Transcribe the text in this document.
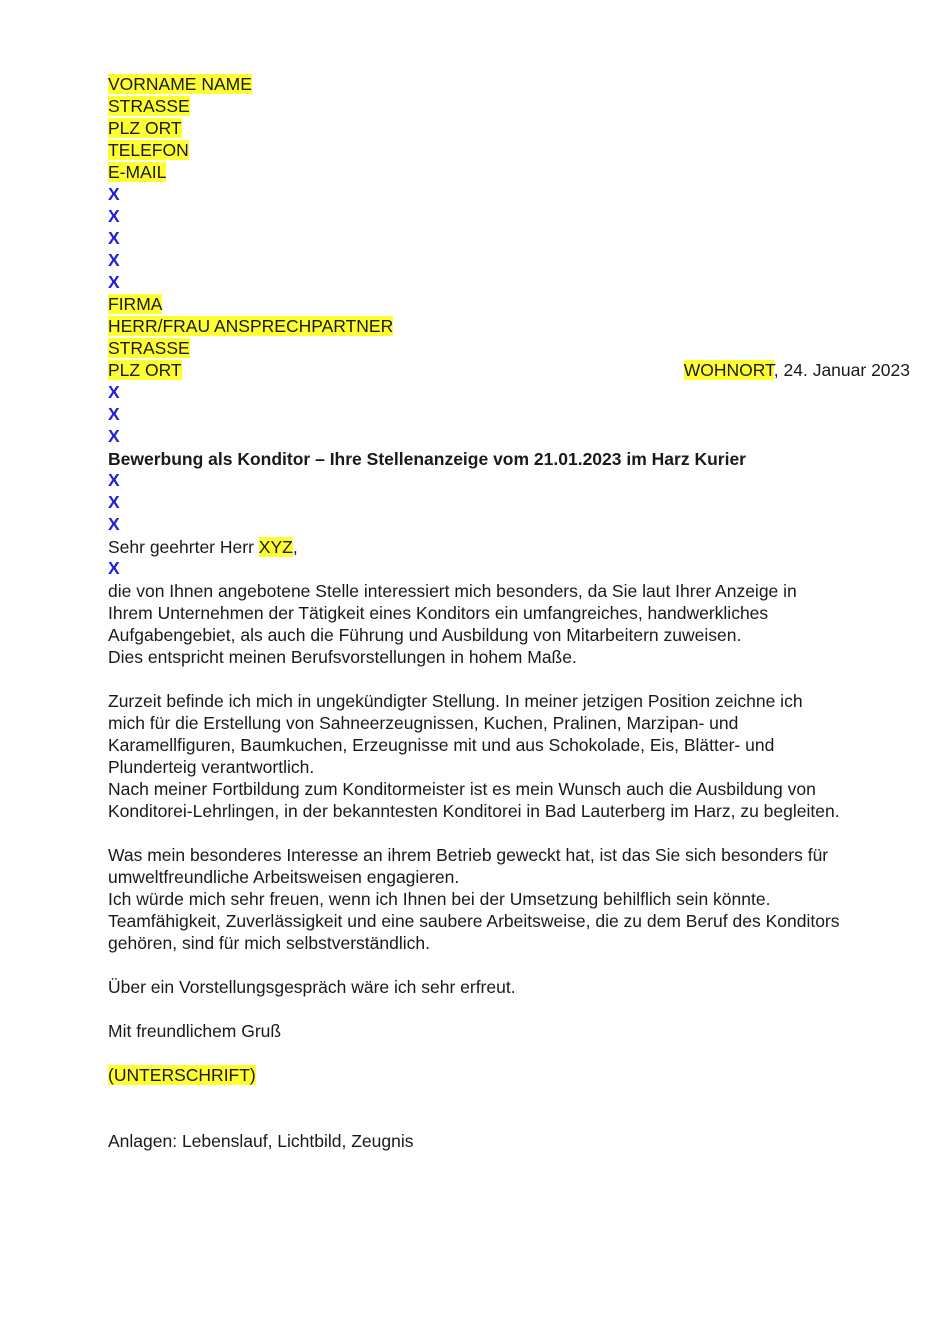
VORNAME NAME
STRASSE
PLZ ORT
TELEFON
E-MAIL
X
X
X
X
X
FIRMA
HERR/FRAU ANSPRECHPARTNER
STRASSE
PLZ ORT	WOHNORT, 24. Januar 2023
X
X
X
Bewerbung als Konditor – Ihre Stellenanzeige vom 21.01.2023 im Harz Kurier
X
X
X
Sehr geehrter Herr XYZ,
X
die von Ihnen angebotene Stelle interessiert mich besonders, da Sie laut Ihrer Anzeige in
Ihrem Unternehmen der Tätigkeit eines Konditors ein umfangreiches, handwerkliches
Aufgabengebiet, als auch die Führung und Ausbildung von Mitarbeitern zuweisen.
Dies entspricht meinen Berufsvorstellungen in hohem Maße.
Zurzeit befinde ich mich in ungekündigter Stellung. In meiner jetzigen Position zeichne ich
mich für die Erstellung von Sahneerzeugnissen, Kuchen, Pralinen, Marzipan- und
Karamellfiguren, Baumkuchen, Erzeugnisse mit und aus Schokolade, Eis, Blätter- und
Plunderteig verantwortlich.
Nach meiner Fortbildung zum Konditormeister ist es mein Wunsch auch die Ausbildung von
Konditorei-Lehrlingen, in der bekanntesten Konditorei in Bad Lauterberg im Harz, zu begleiten.
Was mein besonderes Interesse an ihrem Betrieb geweckt hat, ist das Sie sich besonders für
umweltfreundliche Arbeitsweisen engagieren.
Ich würde mich sehr freuen, wenn ich Ihnen bei der Umsetzung behilflich sein könnte.
Teamfähigkeit, Zuverlässigkeit und eine saubere Arbeitsweise, die zu dem Beruf des Konditors
gehören, sind für mich selbstverständlich.
Über ein Vorstellungsgespräch wäre ich sehr erfreut.
Mit freundlichem Gruß
(UNTERSCHRIFT)
Anlagen: Lebenslauf, Lichtbild, Zeugnis
